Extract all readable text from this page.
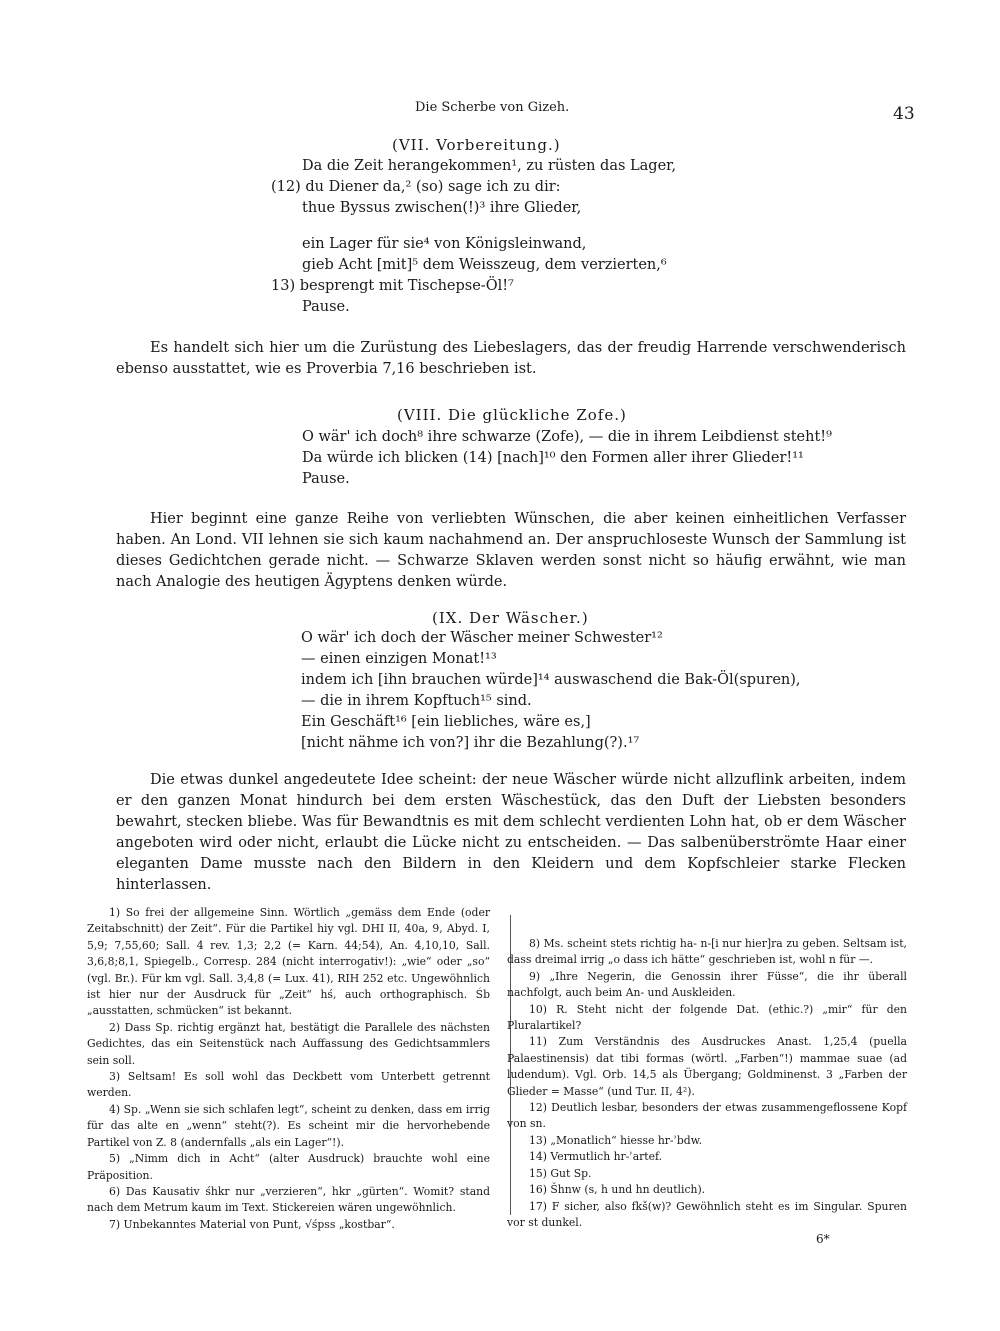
Die Scherbe von Gizeh.	43
(VII. Vorbereitung.)
Da die Zeit herangekommen¹, zu rüsten das Lager,
(12) du Diener da,² (so) sage ich zu dir:
thue Byssus zwischen(!)³ ihre Glieder,
ein Lager für sie⁴ von Königsleinwand,
gieb Acht [mit]⁵ dem Weisszeug, dem verzierten,⁶
13) besprengt mit Tischepse-Öl!⁷
Pause.

Es handelt sich hier um die Zurüstung des Liebeslagers, das der freudig Harrende verschwenderisch ebenso ausstattet, wie es Proverbia 7,16 beschrieben ist.

(VIII. Die glückliche Zofe.)
O wär' ich doch⁸ ihre schwarze (Zofe), — die in ihrem Leibdienst steht!⁹
Da würde ich blicken (14) [nach]¹⁰ den Formen aller ihrer Glieder!¹¹
Pause.

Hier beginnt eine ganze Reihe von verliebten Wünschen, die aber keinen einheitlichen Verfasser haben. An Lond. VII lehnen sie sich kaum nachahmend an. Der anspruchloseste Wunsch der Sammlung ist dieses Gedichtchen gerade nicht. — Schwarze Sklaven werden sonst nicht so häufig erwähnt, wie man nach Analogie des heutigen Ägyptens denken würde.

(IX. Der Wäscher.)
O wär' ich doch der Wäscher meiner Schwester¹²
— einen einzigen Monat!¹³
indem ich [ihn brauchen würde]¹⁴ auswaschend die Bak-Öl(spuren),
— die in ihrem Kopftuch¹⁵ sind.
Ein Geschäft¹⁶ [ein liebliches, wäre es,]
[nicht nähme ich von?] ihr die Bezahlung(?).¹⁷

Die etwas dunkel angedeutete Idee scheint: der neue Wäscher würde nicht allzuflink arbeiten, indem er den ganzen Monat hindurch bei dem ersten Wäschestück, das den Duft der Liebsten besonders bewahrt, stecken bliebe. Was für Bewandtnis es mit dem schlecht verdienten Lohn hat, ob er dem Wäscher angeboten wird oder nicht, erlaubt die Lücke nicht zu entscheiden. — Das salbenüberströmte Haar einer eleganten Dame musste nach den Bildern in den Kleidern und dem Kopfschleier starke Flecken hinterlassen.

1) So frei der allgemeine Sinn. Wörtlich „gemäss dem Ende (oder Zeitabschnitt) der Zeit“. Für die Partikel hiy vgl. DHI II, 40a, 9, Abyd. I, 5,9; 7,55,60; Sall. 4 rev. 1,3; 2,2 (= Karn. 44;54), An. 4,10,10, Sall. 3,6,8;8,1, Spiegelb., Corresp. 284 (nicht interrogativ!): „wie“ oder „so“ (vgl. Br.). Für km vgl. Sall. 3,4,8 (= Lux. 41), RIH 252 etc. Ungewöhnlich ist hier nur der Ausdruck für „Zeit“ hś, auch orthographisch. Śb „ausstatten, schmücken“ ist bekannt.

2) Dass Sp. richtig ergänzt hat, bestätigt die Parallele des nächsten Gedichtes, das ein Seitenstück nach Auffassung des Gedichtsammlers sein soll.

3) Seltsam! Es soll wohl das Deckbett vom Unterbett getrennt werden.

4) Sp. „Wenn sie sich schlafen legt“, scheint zu denken, dass em irrig für das alte en „wenn“ steht(?). Es scheint mir die hervorhebende Partikel von Z. 8 (andernfalls „als ein Lager“!).

5) „Nimm dich in Acht“ (alter Ausdruck) brauchte wohl eine Präposition.

6) Das Kausativ śhkr nur „verzieren“, hkr „gürten“. Womit? stand nach dem Metrum kaum im Text. Stickereien wären ungewöhnlich.

7) Unbekanntes Material von Punt, √śpss „kostbar“.

8) Ms. scheint stets richtig ha- n-[i nur hier]ra zu geben. Seltsam ist, dass dreimal irrig „o dass ich hätte“ geschrieben ist, wohl n für —.

9) „Ihre Negerin, die Genossin ihrer Füsse“, die ihr überall nachfolgt, auch beim An- und Auskleiden.

10) R. Steht nicht der folgende Dat. (ethic.?) „mir“ für den Pluralartikel?

11) Zum Verständnis des Ausdruckes Anast. 1,25,4 (puella Palaestinensis) dat tibi formas (wörtl. „Farben“!) mammae suae (ad ludendum). Vgl. Orb. 14,5 als Übergang; Goldminenst. 3 „Farben der Glieder = Masse“ (und Tur. II, 4²).

12) Deutlich lesbar, besonders der etwas zusammengeflossene Kopf von sn.

13) „Monatlich“ hiesse hr-ʾbdw.

14) Vermutlich hr-ʾartef.

15) Gut Sp.

16) Šhnw (s, h und hn deutlich).

17) F sicher, also fkš(w)? Gewöhnlich steht es im Singular. Spuren vor st dunkel.

6*
